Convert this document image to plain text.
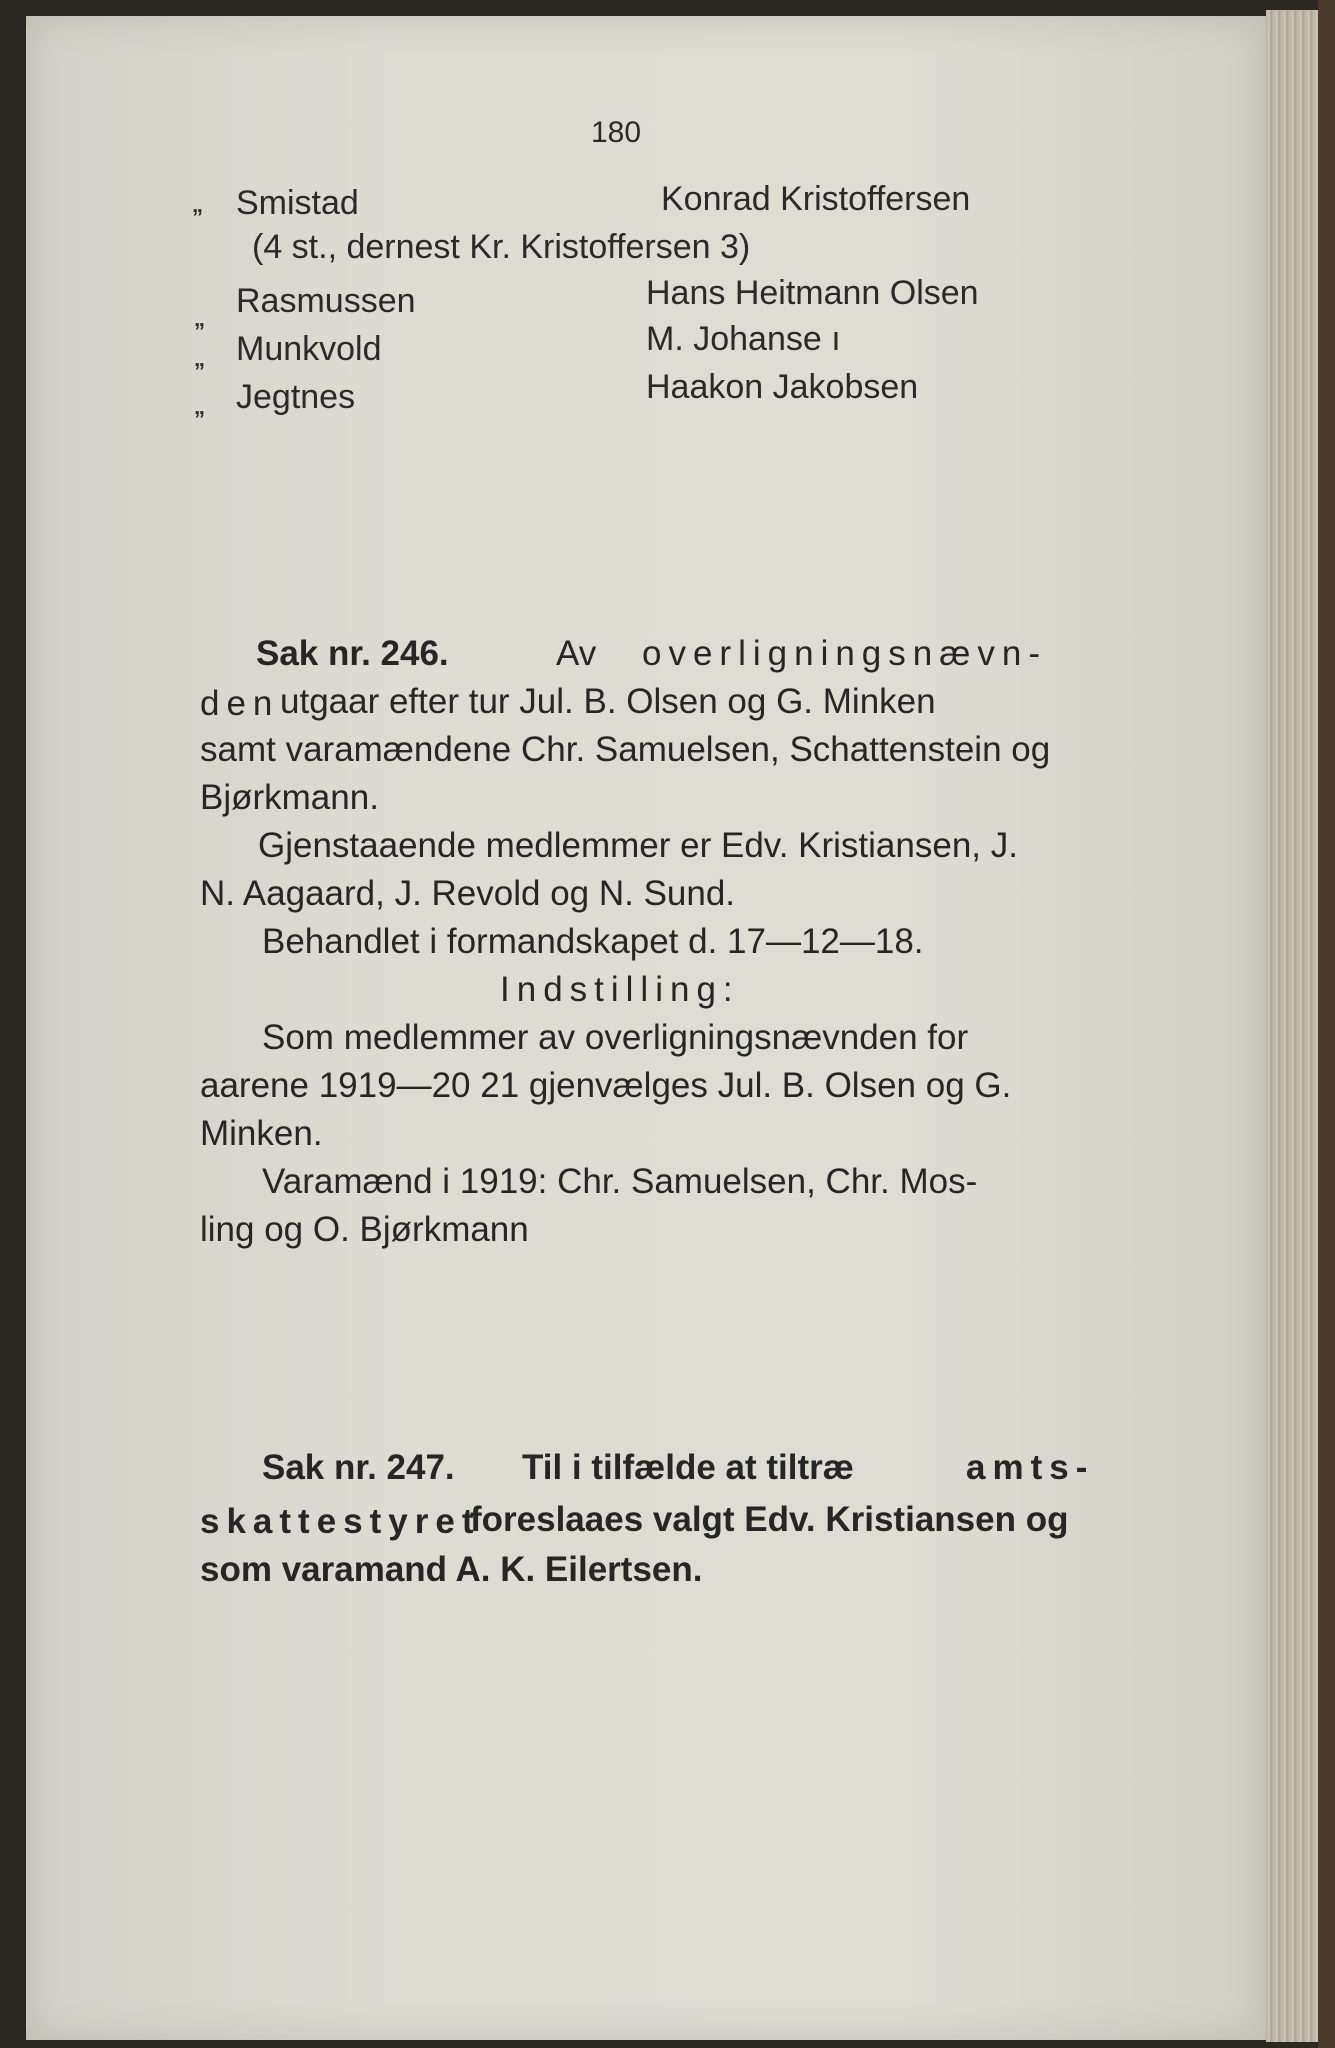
180
„ Smistad	Konrad Kristoffersen
(4 st., dernest Kr. Kristoffersen 3)
„ Rasmussen	Hans Heitmann Olsen
„ Munkvold	M. Johanse ı
„ Jegtnes	Haakon Jakobsen
Sak nr. 246.	Av overligningsnævn-
den utgaar efter tur Jul. B. Olsen og G. Minken
samt varamændene Chr. Samuelsen, Schattenstein og
Bjørkmann.
Gjenstaaende medlemmer er Edv. Kristiansen, J.
N. Aagaard, J. Revold og N. Sund.
Behandlet i formandskapet d. 17—12—18.
Indstilling:
Som medlemmer av overligningsnævnden for
aarene 1919—20 21 gjenvælges Jul. B. Olsen og G.
Minken.
Varamænd i 1919: Chr. Samuelsen, Chr. Mos-
ling og O. Bjørkmann
Sak nr. 247. Til i tilfælde at tiltræ	amts-
skattestyret
foreslaaes valgt Edv. Kristiansen og
som varamand A. K. Eilertsen.
